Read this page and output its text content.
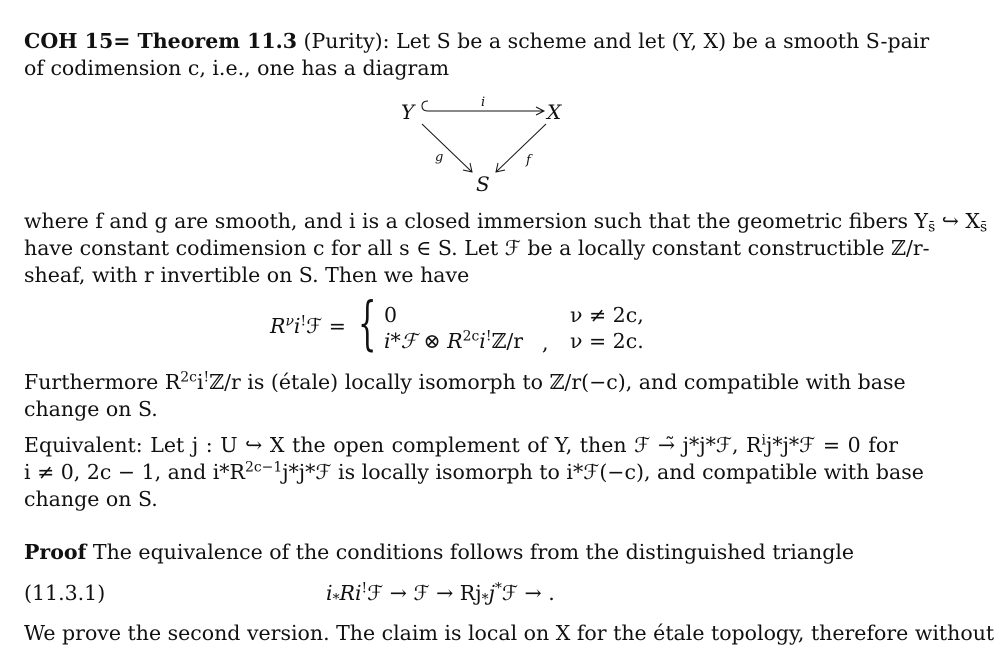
COH 15= Theorem 11.3 (Purity): Let S be a scheme and let (Y, X) be a smooth S-pair
of codimension c, i.e., one has a diagram
Y	X
S
i
g	f
where f and g are smooth, and i is a closed immersion such that the geometric fibers $Y_{s̄}$ ↪ $X_{s̄}$
have constant codimension c for all s ∈ S. Let ℱ be a locally constant constructible ℤ/r-
sheaf, with r invertible on S. Then we have
$R^\nu i^!ℱ$ = { 0	ν ≠ 2c,
i*ℱ ⊗ $R^{2c}i^!ℤ/r$ , ν = 2c.
Furthermore $R^{2c}i^!ℤ/r$ is (étale) locally isomorph to ℤ/r(−c), and compatible with base
change on S.
Equivalent: Let j : U ↪ X the open complement of Y, then ℱ →̃ j*j*ℱ, $R^ij*j*ℱ = 0$ for
i ≠ 0, 2c − 1, and $i*R^{2c-1}j*j*ℱ$ is locally isomorph to i*ℱ(−c), and compatible with base
change on S.
Proof The equivalence of the conditions follows from the distinguished triangle
(11.3.1)	$i_*Ri^!ℱ$ → ℱ → $Rj_*j^*ℱ$ → .
We prove the second version. The claim is local on X for the étale topology, therefore without
